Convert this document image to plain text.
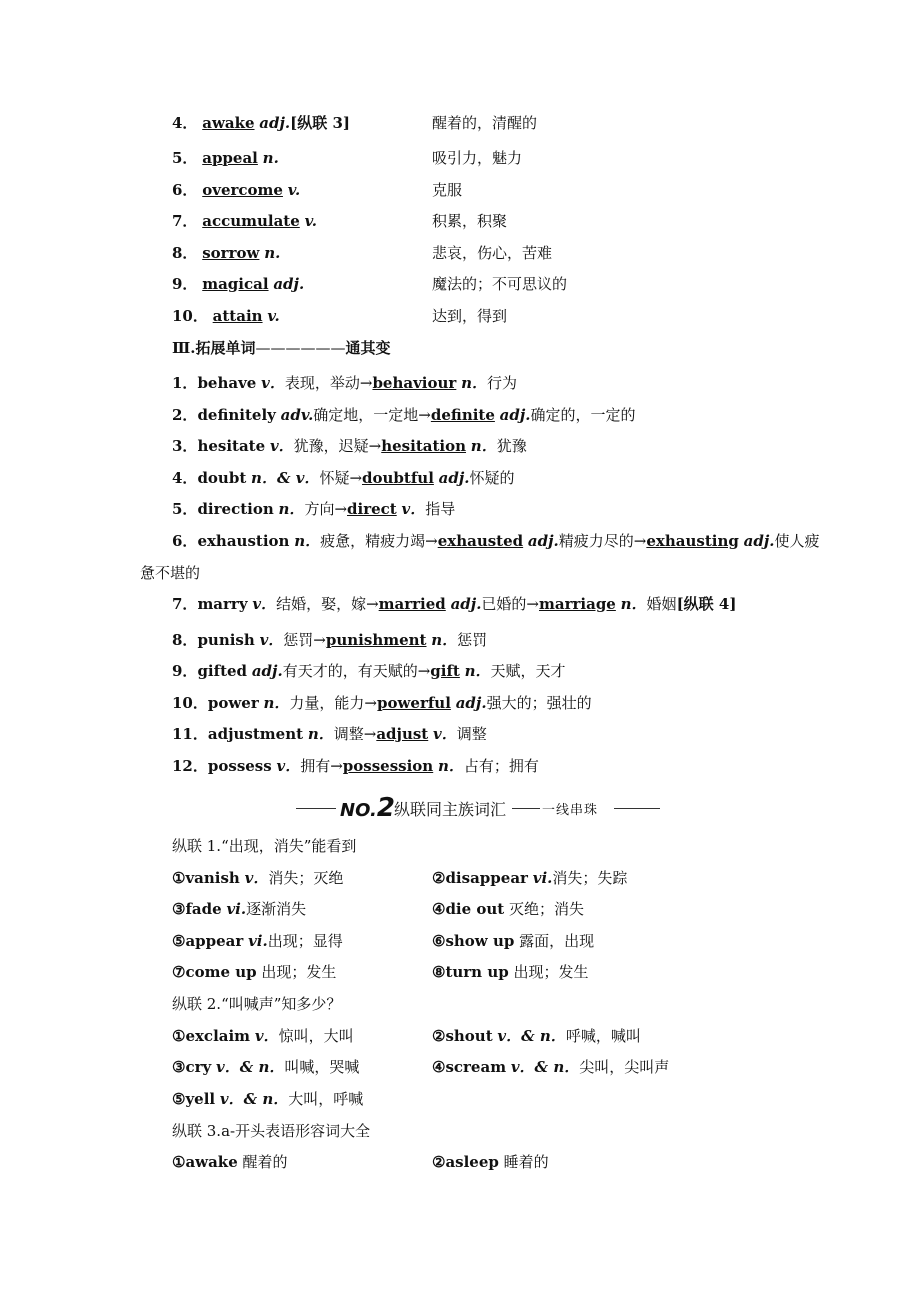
4． awake adj.[纵联 3]	醒着的，清醒的
5． appeal n.	吸引力，魅力
6． overcome v.	克服
7． accumulate v.	积累，积聚
8． sorrow n.	悲哀，伤心，苦难
9． magical adj.	魔法的；不可思议的
10． attain v.	达到，得到
Ⅲ.拓展单词——————通其变
1．behave v．表现，举动→behaviour n．行为
2．definitely adv.确定地，一定地→definite adj.确定的，一定的
3．hesitate v．犹豫，迟疑→hesitation n．犹豫
4．doubt n．& v．怀疑→doubtful adj.怀疑的
5．direction n．方向→direct v．指导
6．exhaustion n．疲惫，精疲力竭→exhausted adj.精疲力尽的→exhausting adj.使人疲
惫不堪的
7．marry v．结婚，娶，嫁→married adj.已婚的→marriage n．婚姻[纵联 4]
8．punish v．惩罚→punishment n．惩罚
9．gifted adj.有天才的，有天赋的→gift n．天赋，天才
10．power n．力量，能力→powerful adj.强大的；强壮的
11．adjustment n．调整→adjust v．调整
12．possess v．拥有→possession n．占有；拥有
NO.2 纵联同主族词汇	一线串珠
纵联 1.“出现，消失”能看到
①vanish v．消失；灭绝	②disappear vi.消失；失踪
③fade vi.逐渐消失	④die out 灭绝；消失
⑤appear vi.出现；显得	⑥show up 露面，出现
⑦come up 出现；发生	⑧turn up 出现；发生
纵联 2.“叫喊声”知多少？
①exclaim v．惊叫，大叫	②shout v．& n．呼喊，喊叫
③cry v．& n．叫喊，哭喊	④scream v．& n．尖叫，尖叫声
⑤yell v．& n．大叫，呼喊
纵联 3.a-开头表语形容词大全
①awake 醒着的	②asleep 睡着的
